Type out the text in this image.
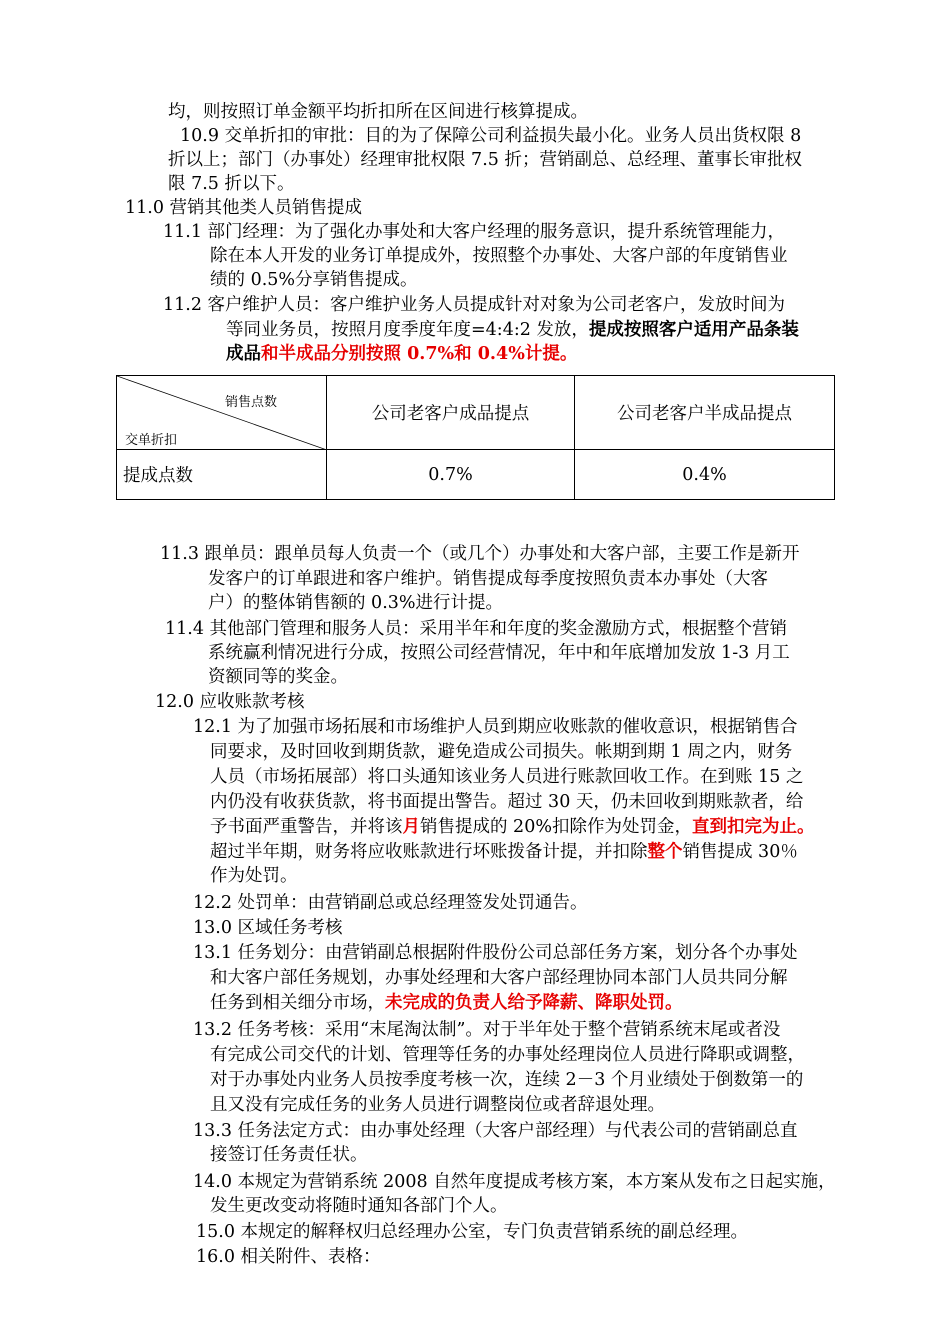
均，则按照订单金额平均折扣所在区间进行核算提成。
10.9 交单折扣的审批：目的为了保障公司利益损失最小化。业务人员出货权限 8
折以上；部门（办事处）经理审批权限 7.5 折；营销副总、总经理、董事长审批权
限 7.5 折以下。
11.0 营销其他类人员销售提成
11.1 部门经理：为了强化办事处和大客户经理的服务意识，提升系统管理能力，
除在本人开发的业务订单提成外，按照整个办事处、大客户部的年度销售业
绩的 0.5%分享销售提成。
11.2 客户维护人员：客户维护业务人员提成针对对象为公司老客户，发放时间为
等同业务员，按照月度季度年度=4:4:2 发放，提成按照客户适用产品条装
成品和半成品分别按照 0.7%和 0.4%计提。
11.3 跟单员：跟单员每人负责一个（或几个）办事处和大客户部，主要工作是新开
发客户的订单跟进和客户维护。销售提成每季度按照负责本办事处（大客
户）的整体销售额的 0.3%进行计提。
11.4 其他部门管理和服务人员：采用半年和年度的奖金激励方式，根据整个营销
系统赢利情况进行分成，按照公司经营情况，年中和年底增加发放 1-3 月工
资额同等的奖金。
12.0 应收账款考核
12.1 为了加强市场拓展和市场维护人员到期应收账款的催收意识，根据销售合
同要求，及时回收到期货款，避免造成公司损失。帐期到期 1 周之内，财务
人员（市场拓展部）将口头通知该业务人员进行账款回收工作。在到账 15 之
内仍没有收获货款，将书面提出警告。超过 30 天，仍未回收到期账款者，给
予书面严重警告，并将该月销售提成的 20%扣除作为处罚金，直到扣完为止。
超过半年期，财务将应收账款进行坏账拨备计提，并扣除整个销售提成 30％
作为处罚。
12.2 处罚单：由营销副总或总经理签发处罚通告。
13.0 区域任务考核
13.1 任务划分：由营销副总根据附件股份公司总部任务方案，划分各个办事处
和大客户部任务规划，办事处经理和大客户部经理协同本部门人员共同分解
任务到相关细分市场，未完成的负责人给予降薪、降职处罚。
13.2 任务考核：采用“末尾淘汰制”。对于半年处于整个营销系统末尾或者没
有完成公司交代的计划、管理等任务的办事处经理岗位人员进行降职或调整，
对于办事处内业务人员按季度考核一次，连续 2－3 个月业绩处于倒数第一的
且又没有完成任务的业务人员进行调整岗位或者辞退处理。
13.3 任务法定方式：由办事处经理（大客户部经理）与代表公司的营销副总直
接签订任务责任状。
14.0 本规定为营销系统 2008 自然年度提成考核方案，本方案从发布之日起实施，
发生更改变动将随时通知各部门个人。
15.0 本规定的解释权归总经理办公室，专门负责营销系统的副总经理。
16.0 相关附件、表格：
销售点数
交单折扣	公司老客户成品提点	公司老客户半成品提点
提成点数	0.7%	0.4%
